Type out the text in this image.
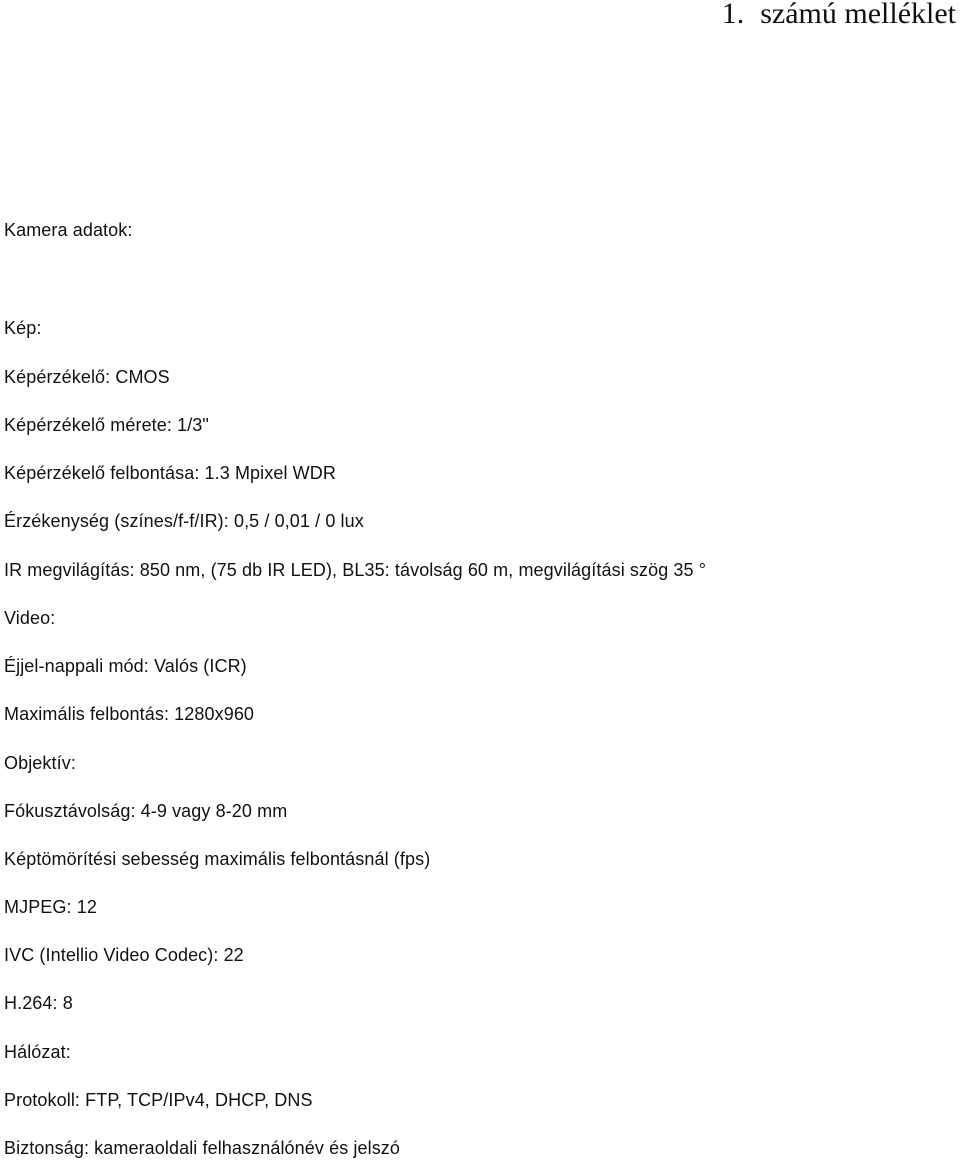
1. számú melléklet
Kamera adatok:
Kép:
Képérzékelő: CMOS
Képérzékelő mérete: 1/3"
Képérzékelő felbontása: 1.3 Mpixel WDR
Érzékenység (színes/f-f/IR): 0,5 / 0,01 / 0 lux
IR megvilágítás: 850 nm, (75 db IR LED), BL35: távolság 60 m, megvilágítási szög 35 °
Video:
Éjjel-nappali mód: Valós (ICR)
Maximális felbontás: 1280x960
Objektív:
Fókusztávolság: 4-9 vagy 8-20 mm
Képtömörítési sebesség maximális felbontásnál (fps)
MJPEG: 12
IVC (Intellio Video Codec): 22
H.264: 8
Hálózat:
Protokoll: FTP, TCP/IPv4, DHCP, DNS
Biztonság: kameraoldali felhasználónév és jelszó
